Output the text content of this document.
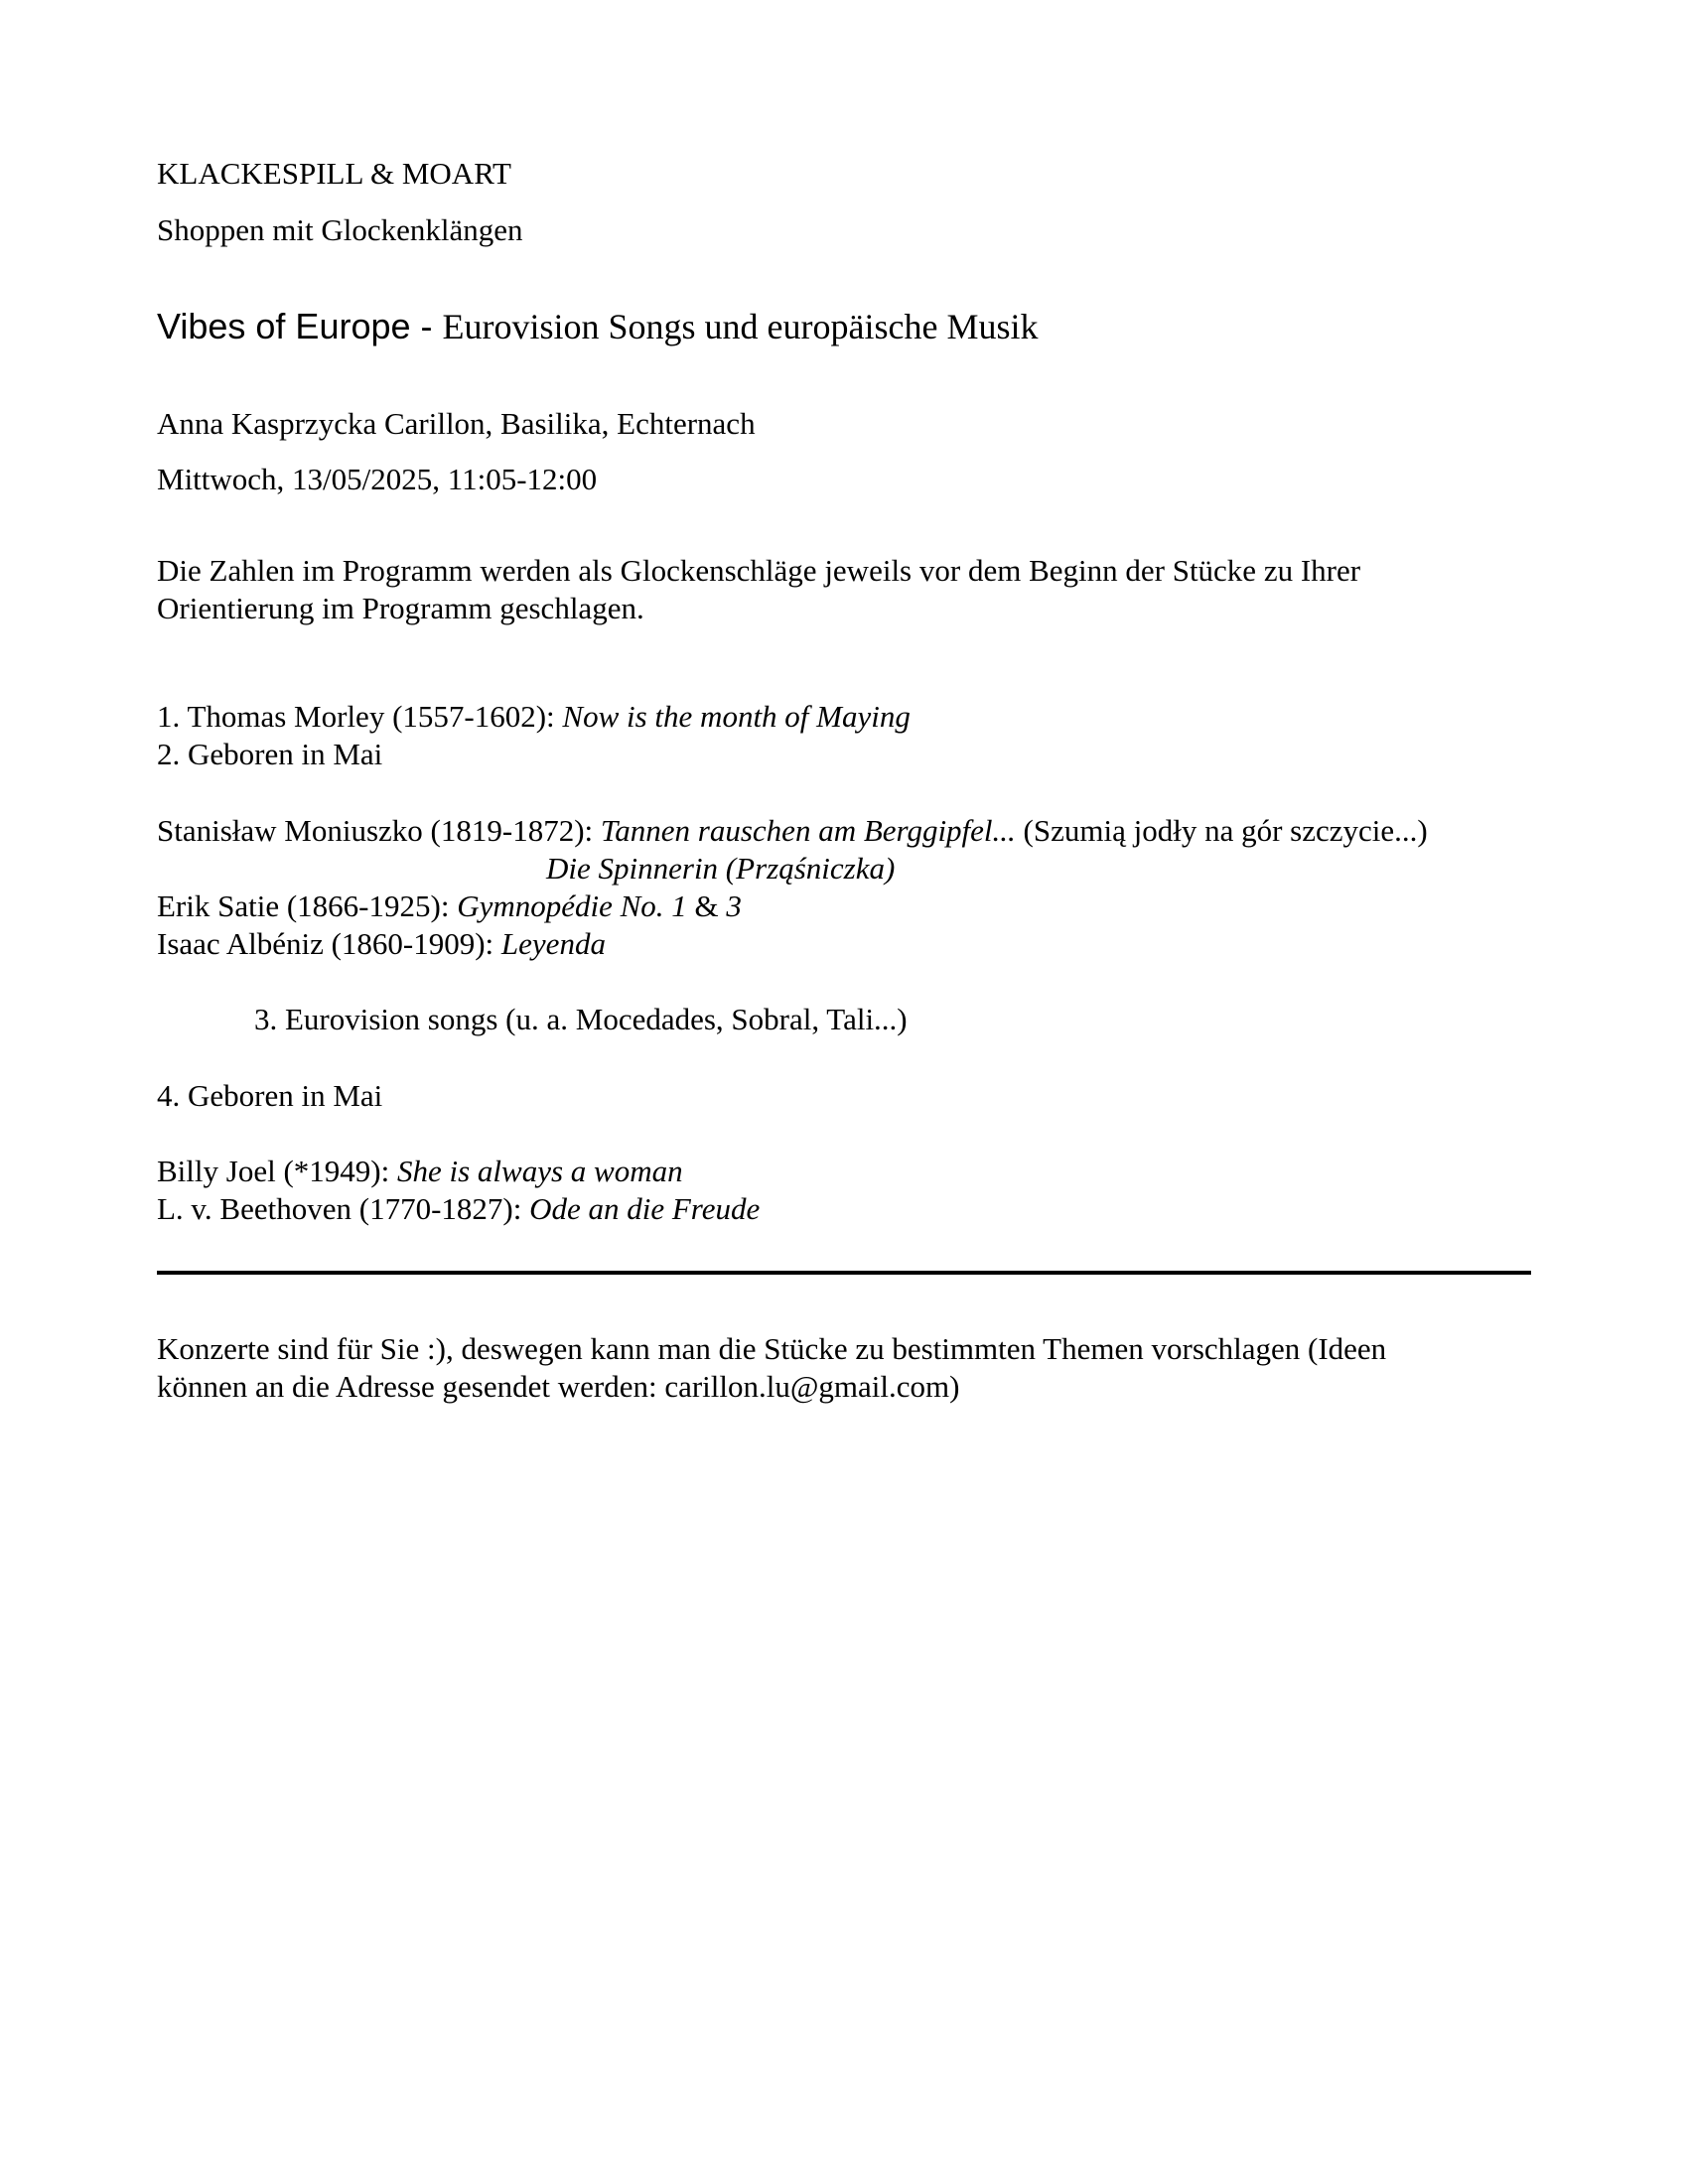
KLACKESPILL & MOART
Shoppen mit Glockenklängen
Vibes of Europe - Eurovision Songs und europäische Musik
Anna Kasprzycka Carillon, Basilika, Echternach
Mittwoch, 13/05/2025, 11:05-12:00
Die Zahlen im Programm werden als Glockenschläge jeweils vor dem Beginn der Stücke zu Ihrer
Orientierung im Programm geschlagen.
1. Thomas Morley (1557-1602): Now is the month of Maying
2. Geboren in Mai
Stanisław Moniuszko (1819-1872): Tannen rauschen am Berggipfel... (Szumią jodły na gór szczycie...)
Die Spinnerin (Prząśniczka)
Erik Satie (1866-1925): Gymnopédie No. 1 & 3
Isaac Albéniz (1860-1909): Leyenda
3. Eurovision songs (u. a. Mocedades, Sobral, Tali...)
4. Geboren in Mai
Billy Joel (*1949): She is always a woman
L. v. Beethoven (1770-1827): Ode an die Freude
Konzerte sind für Sie :), deswegen kann man die Stücke zu bestimmten Themen vorschlagen (Ideen
können an die Adresse gesendet werden: carillon.lu@gmail.com)
